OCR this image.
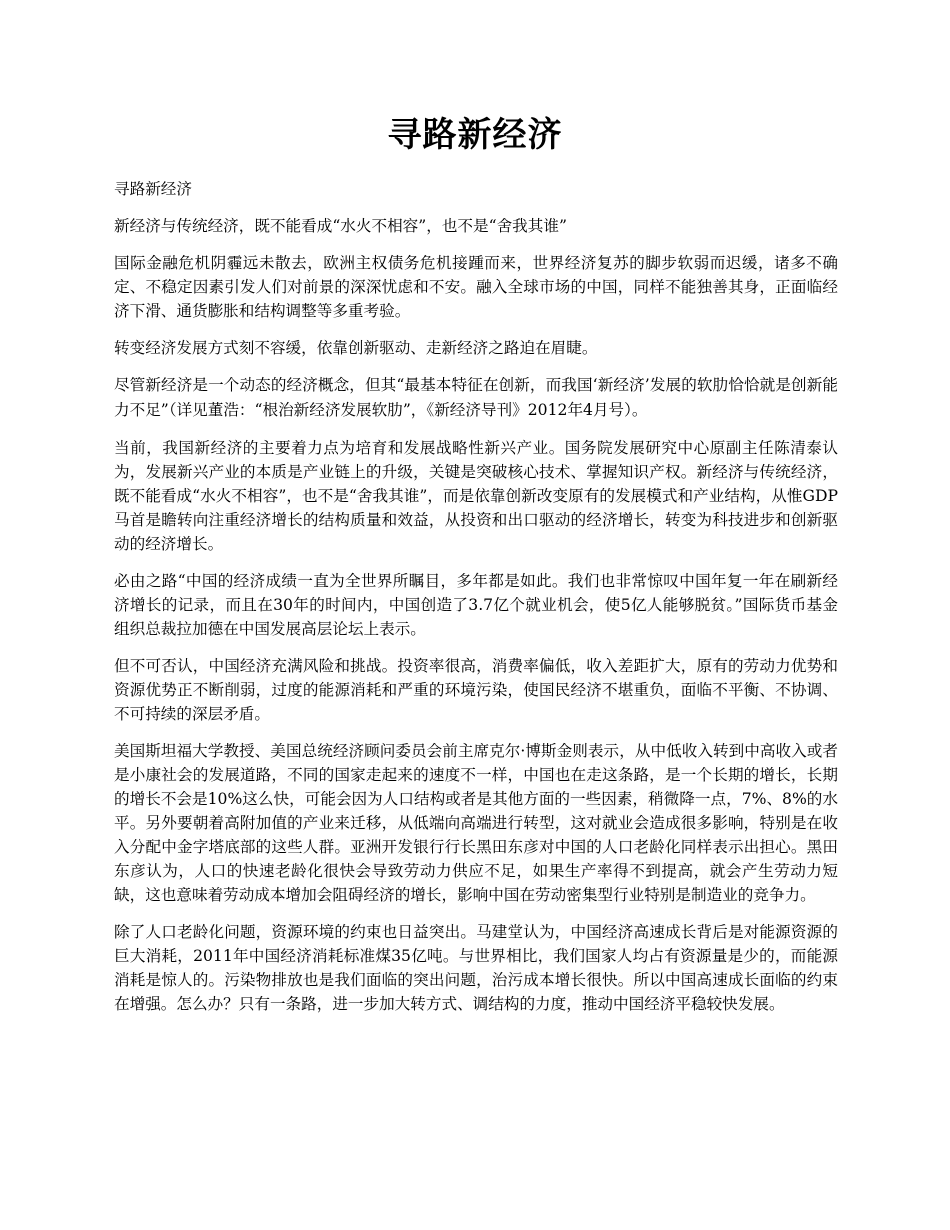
寻路新经济

寻路新经济

新经济与传统经济，既不能看成“水火不相容”，也不是“舍我其谁”

国际金融危机阴霾远未散去，欧洲主权债务危机接踵而来，世界经济复苏的脚步软弱而迟缓，诸多不确定、不稳定因素引发人们对前景的深深忧虑和不安。融入全球市场的中国，同样不能独善其身，正面临经济下滑、通货膨胀和结构调整等多重考验。

转变经济发展方式刻不容缓，依靠创新驱动、走新经济之路迫在眉睫。

尽管新经济是一个动态的经济概念，但其“最基本特征在创新，而我国‘新经济’发展的软肋恰恰就是创新能力不足”（详见董浩：“根治新经济发展软肋”，《新经济导刊》2012年4月号）。

当前，我国新经济的主要着力点为培育和发展战略性新兴产业。国务院发展研究中心原副主任陈清泰认为，发展新兴产业的本质是产业链上的升级，关键是突破核心技术、掌握知识产权。新经济与传统经济，既不能看成“水火不相容”，也不是“舍我其谁”，而是依靠创新改变原有的发展模式和产业结构，从惟GDP马首是瞻转向注重经济增长的结构质量和效益，从投资和出口驱动的经济增长，转变为科技进步和创新驱动的经济增长。

必由之路“中国的经济成绩一直为全世界所瞩目，多年都是如此。我们也非常惊叹中国年复一年在刷新经济增长的记录，而且在30年的时间内，中国创造了3.7亿个就业机会，使5亿人能够脱贫。”国际货币基金组织总裁拉加德在中国发展高层论坛上表示。

但不可否认，中国经济充满风险和挑战。投资率很高，消费率偏低，收入差距扩大，原有的劳动力优势和资源优势正不断削弱，过度的能源消耗和严重的环境污染，使国民经济不堪重负，面临不平衡、不协调、不可持续的深层矛盾。

美国斯坦福大学教授、美国总统经济顾问委员会前主席克尔·博斯金则表示，从中低收入转到中高收入或者是小康社会的发展道路，不同的国家走起来的速度不一样，中国也在走这条路，是一个长期的增长，长期的增长不会是10%这么快，可能会因为人口结构或者是其他方面的一些因素，稍微降一点，7%、8%的水平。另外要朝着高附加值的产业来迁移，从低端向高端进行转型，这对就业会造成很多影响，特别是在收入分配中金字塔底部的这些人群。亚洲开发银行行长黑田东彦对中国的人口老龄化同样表示出担心。黑田东彦认为，人口的快速老龄化很快会导致劳动力供应不足，如果生产率得不到提高，就会产生劳动力短缺，这也意味着劳动成本增加会阻碍经济的增长，影响中国在劳动密集型行业特别是制造业的竞争力。

除了人口老龄化问题，资源环境的约束也日益突出。马建堂认为，中国经济高速成长背后是对能源资源的巨大消耗，2011年中国经济消耗标准煤35亿吨。与世界相比，我们国家人均占有资源量是少的，而能源消耗是惊人的。污染物排放也是我们面临的突出问题，治污成本增长很快。所以中国高速成长面临的约束在增强。怎么办？只有一条路，进一步加大转方式、调结构的力度，推动中国经济平稳较快发展。
